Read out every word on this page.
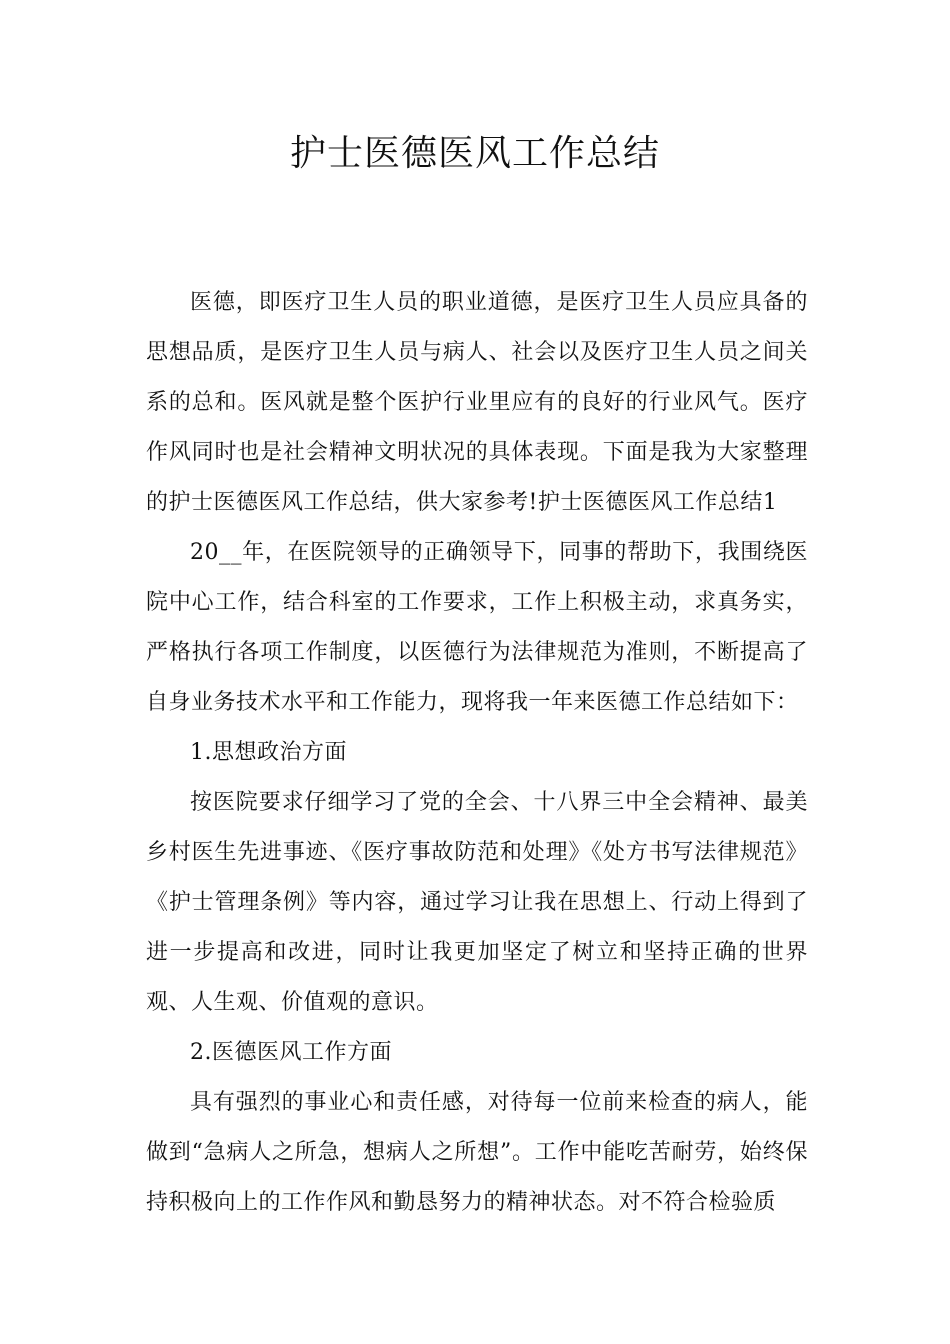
护士医德医风工作总结

医德，即医疗卫生人员的职业道德，是医疗卫生人员应具备的思想品质，是医疗卫生人员与病人、社会以及医疗卫生人员之间关系的总和。医风就是整个医护行业里应有的良好的行业风气。医疗作风同时也是社会精神文明状况的具体表现。下面是我为大家整理的护士医德医风工作总结，供大家参考!护士医德医风工作总结1

20__年，在医院领导的正确领导下，同事的帮助下，我围绕医院中心工作，结合科室的工作要求，工作上积极主动，求真务实，严格执行各项工作制度，以医德行为法律规范为准则，不断提高了自身业务技术水平和工作能力，现将我一年来医德工作总结如下：

1.思想政治方面

按医院要求仔细学习了党的全会、十八界三中全会精神、最美乡村医生先进事迹、《医疗事故防范和处理》《处方书写法律规范》《护士管理条例》等内容，通过学习让我在思想上、行动上得到了进一步提高和改进，同时让我更加坚定了树立和坚持正确的世界观、人生观、价值观的意识。

2.医德医风工作方面

具有强烈的事业心和责任感，对待每一位前来检查的病人，能做到“急病人之所急，想病人之所想”。工作中能吃苦耐劳，始终保持积极向上的工作作风和勤恳努力的精神状态。对不符合检验质
